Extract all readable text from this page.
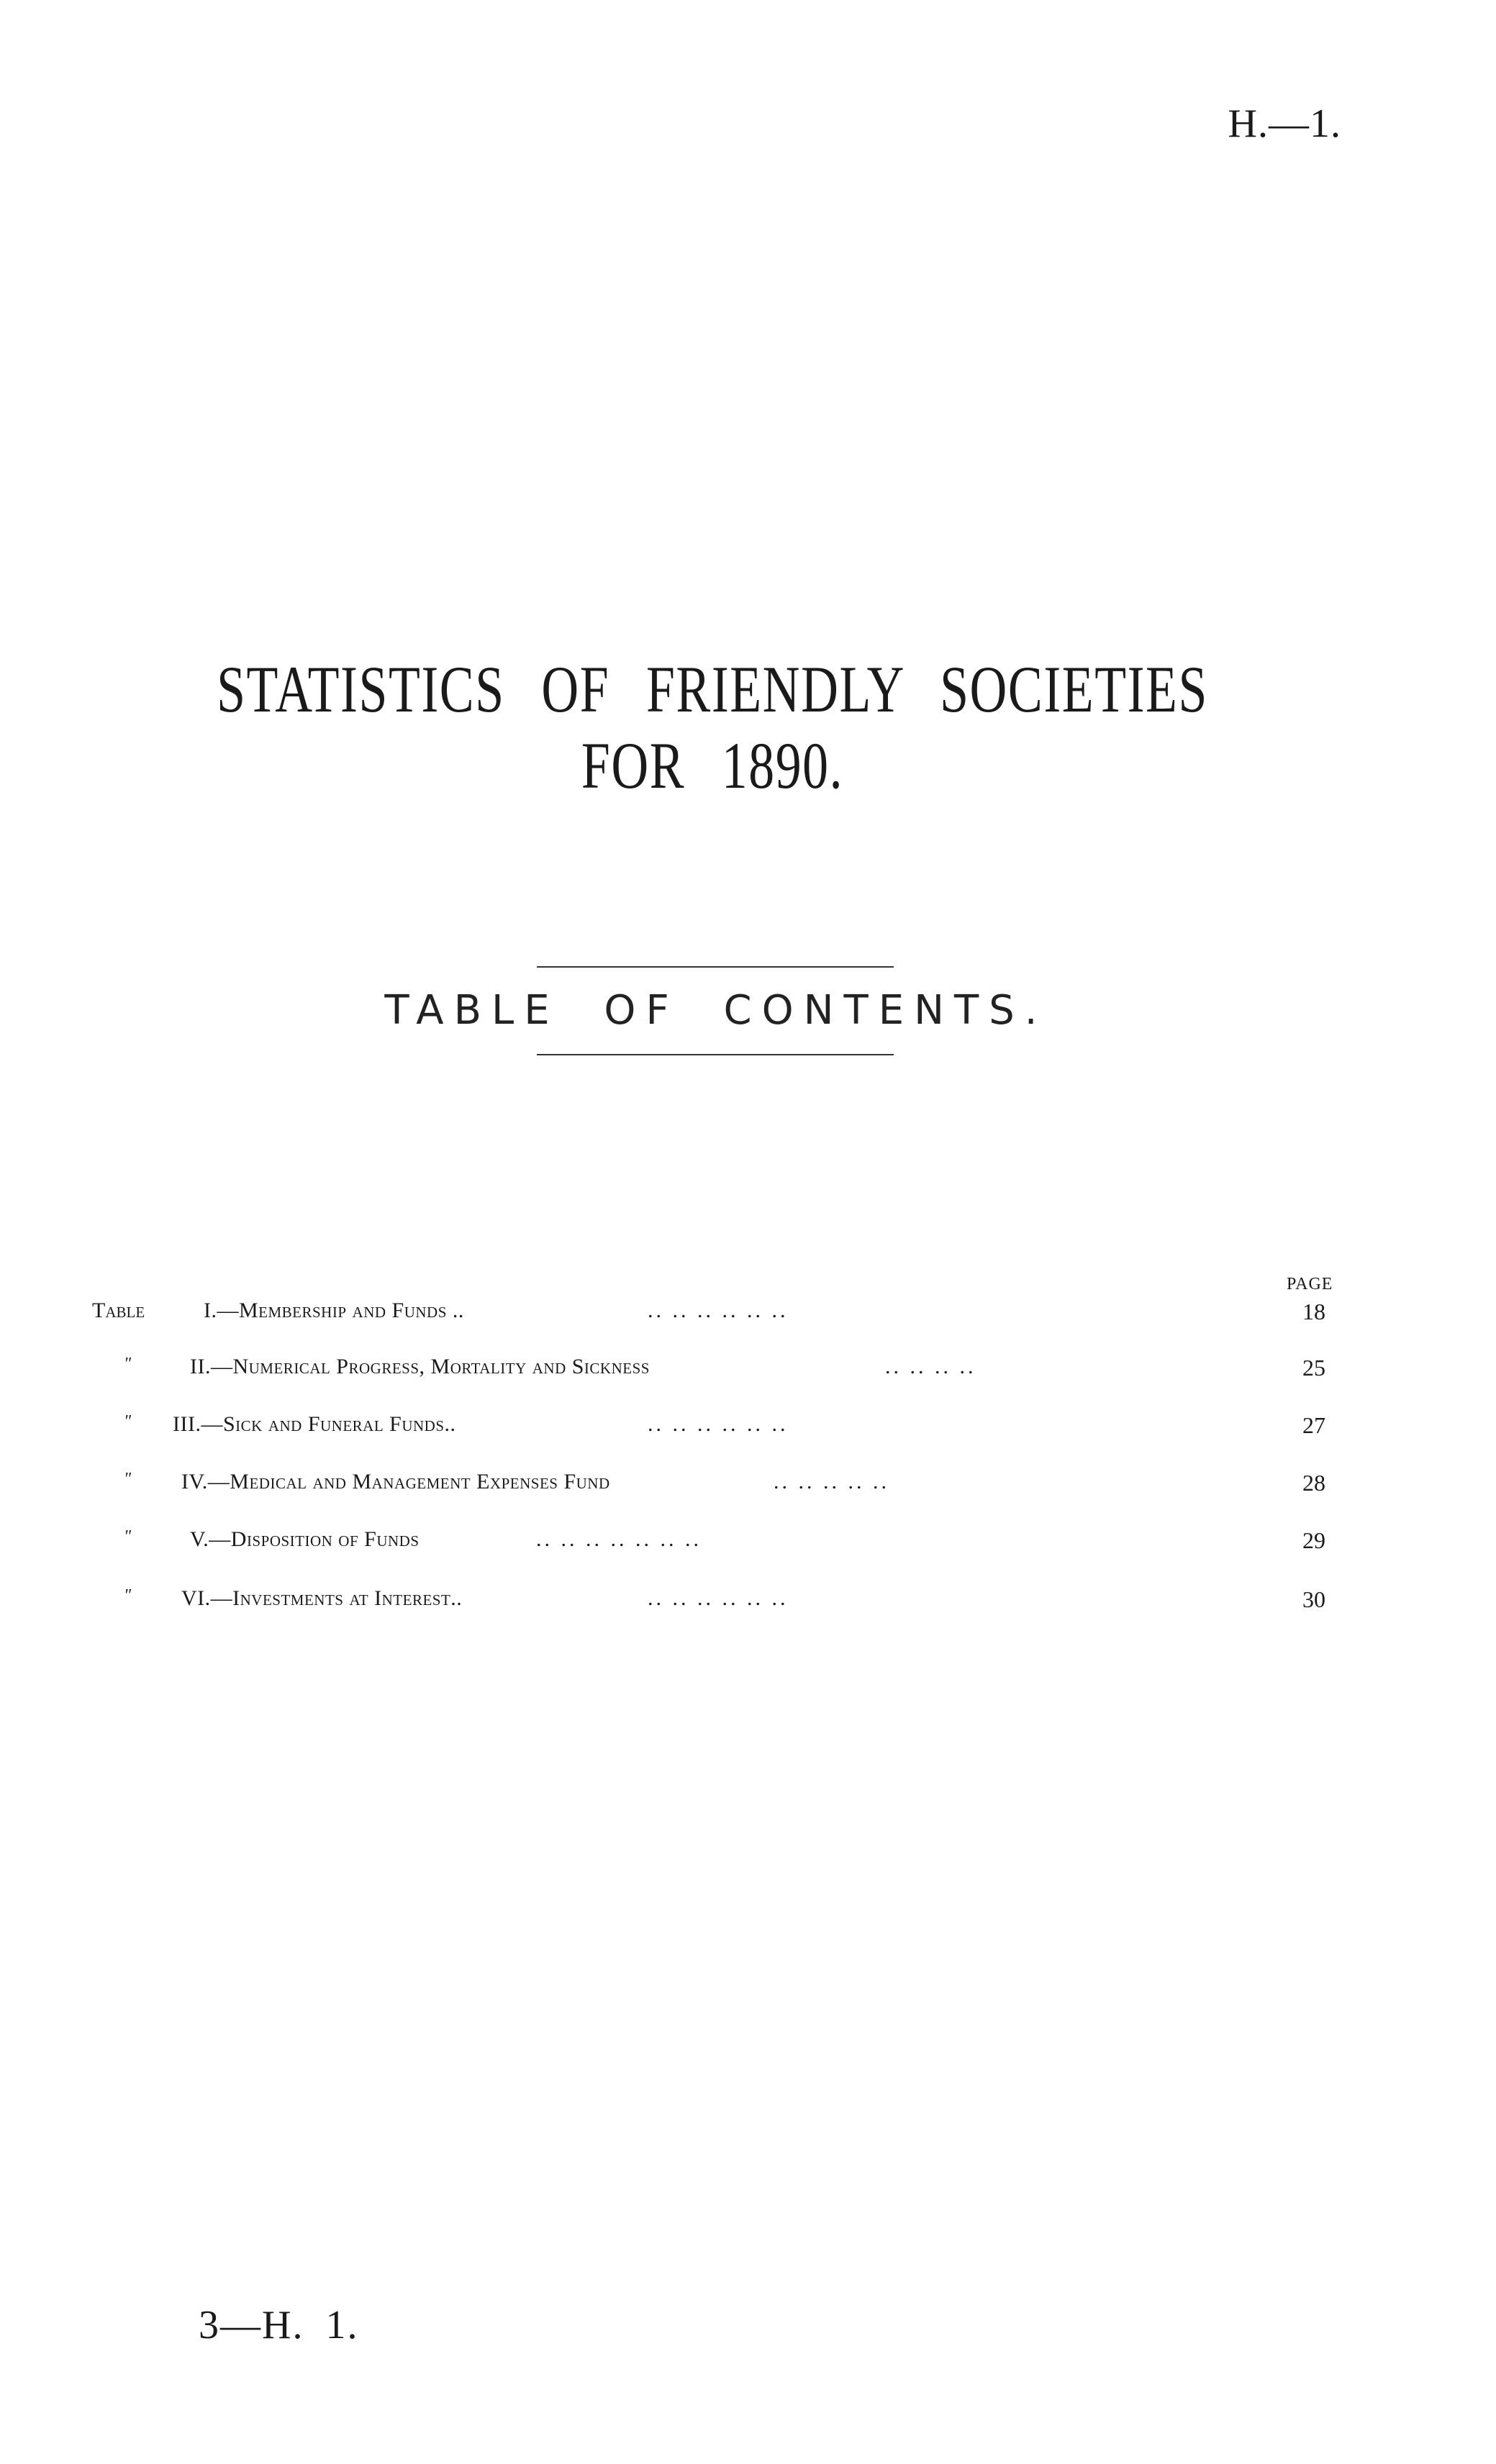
H.—1.
STATISTICS OF FRIENDLY SOCIETIES FOR 1890.
TABLE OF CONTENTS.
PAGE
Table	I.—Membership and Funds ..	.. .. .. .. .. ..	18
"	II.—Numerical Progress, Mortality and Sickness	.. .. .. ..	25
" III.—Sick and Funeral Funds..	.. .. .. .. .. ..	27
" IV.—Medical and Management Expenses Fund	.. .. .. .. ..	28
"	V.—Disposition of Funds	.. .. .. .. .. .. ..	29
" VI.—Investments at Interest..	.. .. .. .. .. ..	30
3—H. 1.
